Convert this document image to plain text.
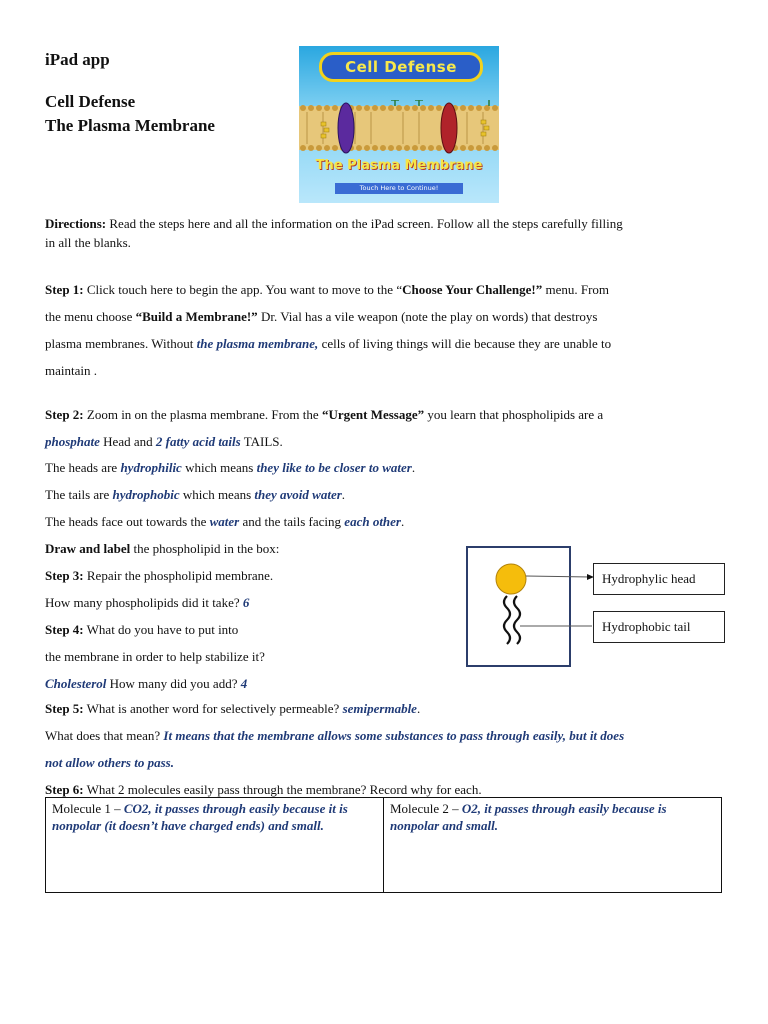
iPad app
Cell Defense
The Plasma Membrane
Cell Defense
The Plasma Membrane
Touch Here to Continue!
Directions: Read the steps here and all the information on the iPad screen. Follow all the steps carefully filling
in all the blanks.
Step 1: Click touch here to begin the app. You want to move to the “Choose Your Challenge!” menu. From
the menu choose “Build a Membrane!” Dr. Vial has a vile weapon (note the play on words) that destroys
plasma membranes. Without the plasma membrane, cells of living things will die because they are unable to
maintain .
Step 2: Zoom in on the plasma membrane. From the “Urgent Message” you learn that phospholipids are a
phosphate Head and 2 fatty acid tails TAILS.
The heads are hydrophilic which means they like to be closer to water.
The tails are hydrophobic which means they avoid water.
The heads face out towards the water and the tails facing each other.
Draw and label the phospholipid in the box:
Step 3: Repair the phospholipid membrane.
How many phospholipids did it take? 6
Step 4: What do you have to put into
the membrane in order to help stabilize it?
Cholesterol How many did you add? 4
Step 5: What is another word for selectively permeable? semipermable.
What does that mean? It means that the membrane allows some substances to pass through easily, but it does
not allow others to pass.
Step 6: What 2 molecules easily pass through the membrane? Record why for each.
Molecule 1 – CO2, it passes through easily because it is nonpolar (it doesn’t have charged ends) and small.	Molecule 2 – O2, it passes through easily because is nonpolar and small.
Hydrophylic head
Hydrophobic tail
